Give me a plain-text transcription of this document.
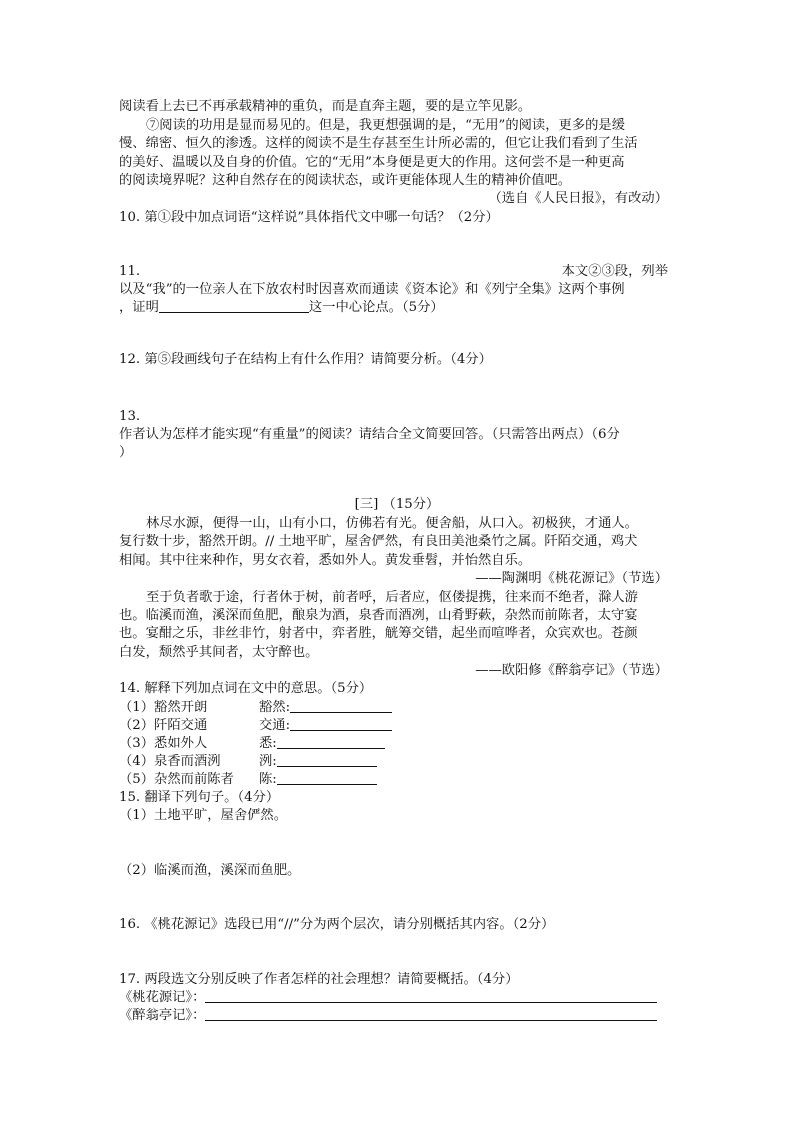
阅读看上去已不再承载精神的重负，而是直奔主题，要的是立竿见影。
⑦阅读的功用是显而易见的。但是，我更想强调的是，“无用”的阅读，更多的是缓
慢、绵密、恒久的渗透。这样的阅读不是生存甚至生计所必需的，但它让我们看到了生活
的美好、温暖以及自身的价值。它的“无用”本身便是更大的作用。这何尝不是一种更高
的阅读境界呢？这种自然存在的阅读状态，或许更能体现人生的精神价值吧。
（选自《人民日报》，有改动）
10. 第①段中加点词语“这样说”具体指代文中哪一句话？（2分）
11.	本文②③段，列举
以及“我”的一位亲人在下放农村时因喜欢而通读《资本论》和《列宁全集》这两个事例
，证明	这一中心论点。（5分）
12. 第⑤段画线句子在结构上有什么作用？请简要分析。（4分）
13.
作者认为怎样才能实现“有重量”的阅读？请结合全文简要回答。（只需答出两点）（6分
）
[三] （15分）
林尽水源，便得一山，山有小口，仿佛若有光。便舍船，从口入。初极狭，才通人。
复行数十步，豁然开朗。// 土地平旷，屋舍俨然，有良田美池桑竹之属。阡陌交通，鸡犬
相闻。其中往来种作，男女衣着，悉如外人。黄发垂髫，并怡然自乐。
——陶渊明《桃花源记》（节选）
至于负者歌于途，行者休于树，前者呼，后者应，伛偻提携，往来而不绝者，滁人游
也。临溪而渔，溪深而鱼肥，酿泉为酒，泉香而酒冽，山肴野蔌，杂然而前陈者，太守宴
也。宴酣之乐，非丝非竹，射者中，弈者胜，觥筹交错，起坐而喧哗者，众宾欢也。苍颜
白发，颓然乎其间者，太守醉也。
——欧阳修《醉翁亭记》（节选）
14. 解释下列加点词在文中的意思。（5分）
（1）豁然开朗	豁然:
（2）阡陌交通	交通:
（3）悉如外人	悉:
（4）泉香而酒洌	洌:
（5）杂然而前陈者 陈:
15. 翻译下列句子。（4分）
（1）土地平旷，屋舍俨然。
（2）临溪而渔，溪深而鱼肥。
16. 《桃花源记》选段已用“//”分为两个层次，请分别概括其内容。（2分）
17. 两段选文分别反映了作者怎样的社会理想？请简要概括。（4分）
《桃花源记》：
《醉翁亭记》：
